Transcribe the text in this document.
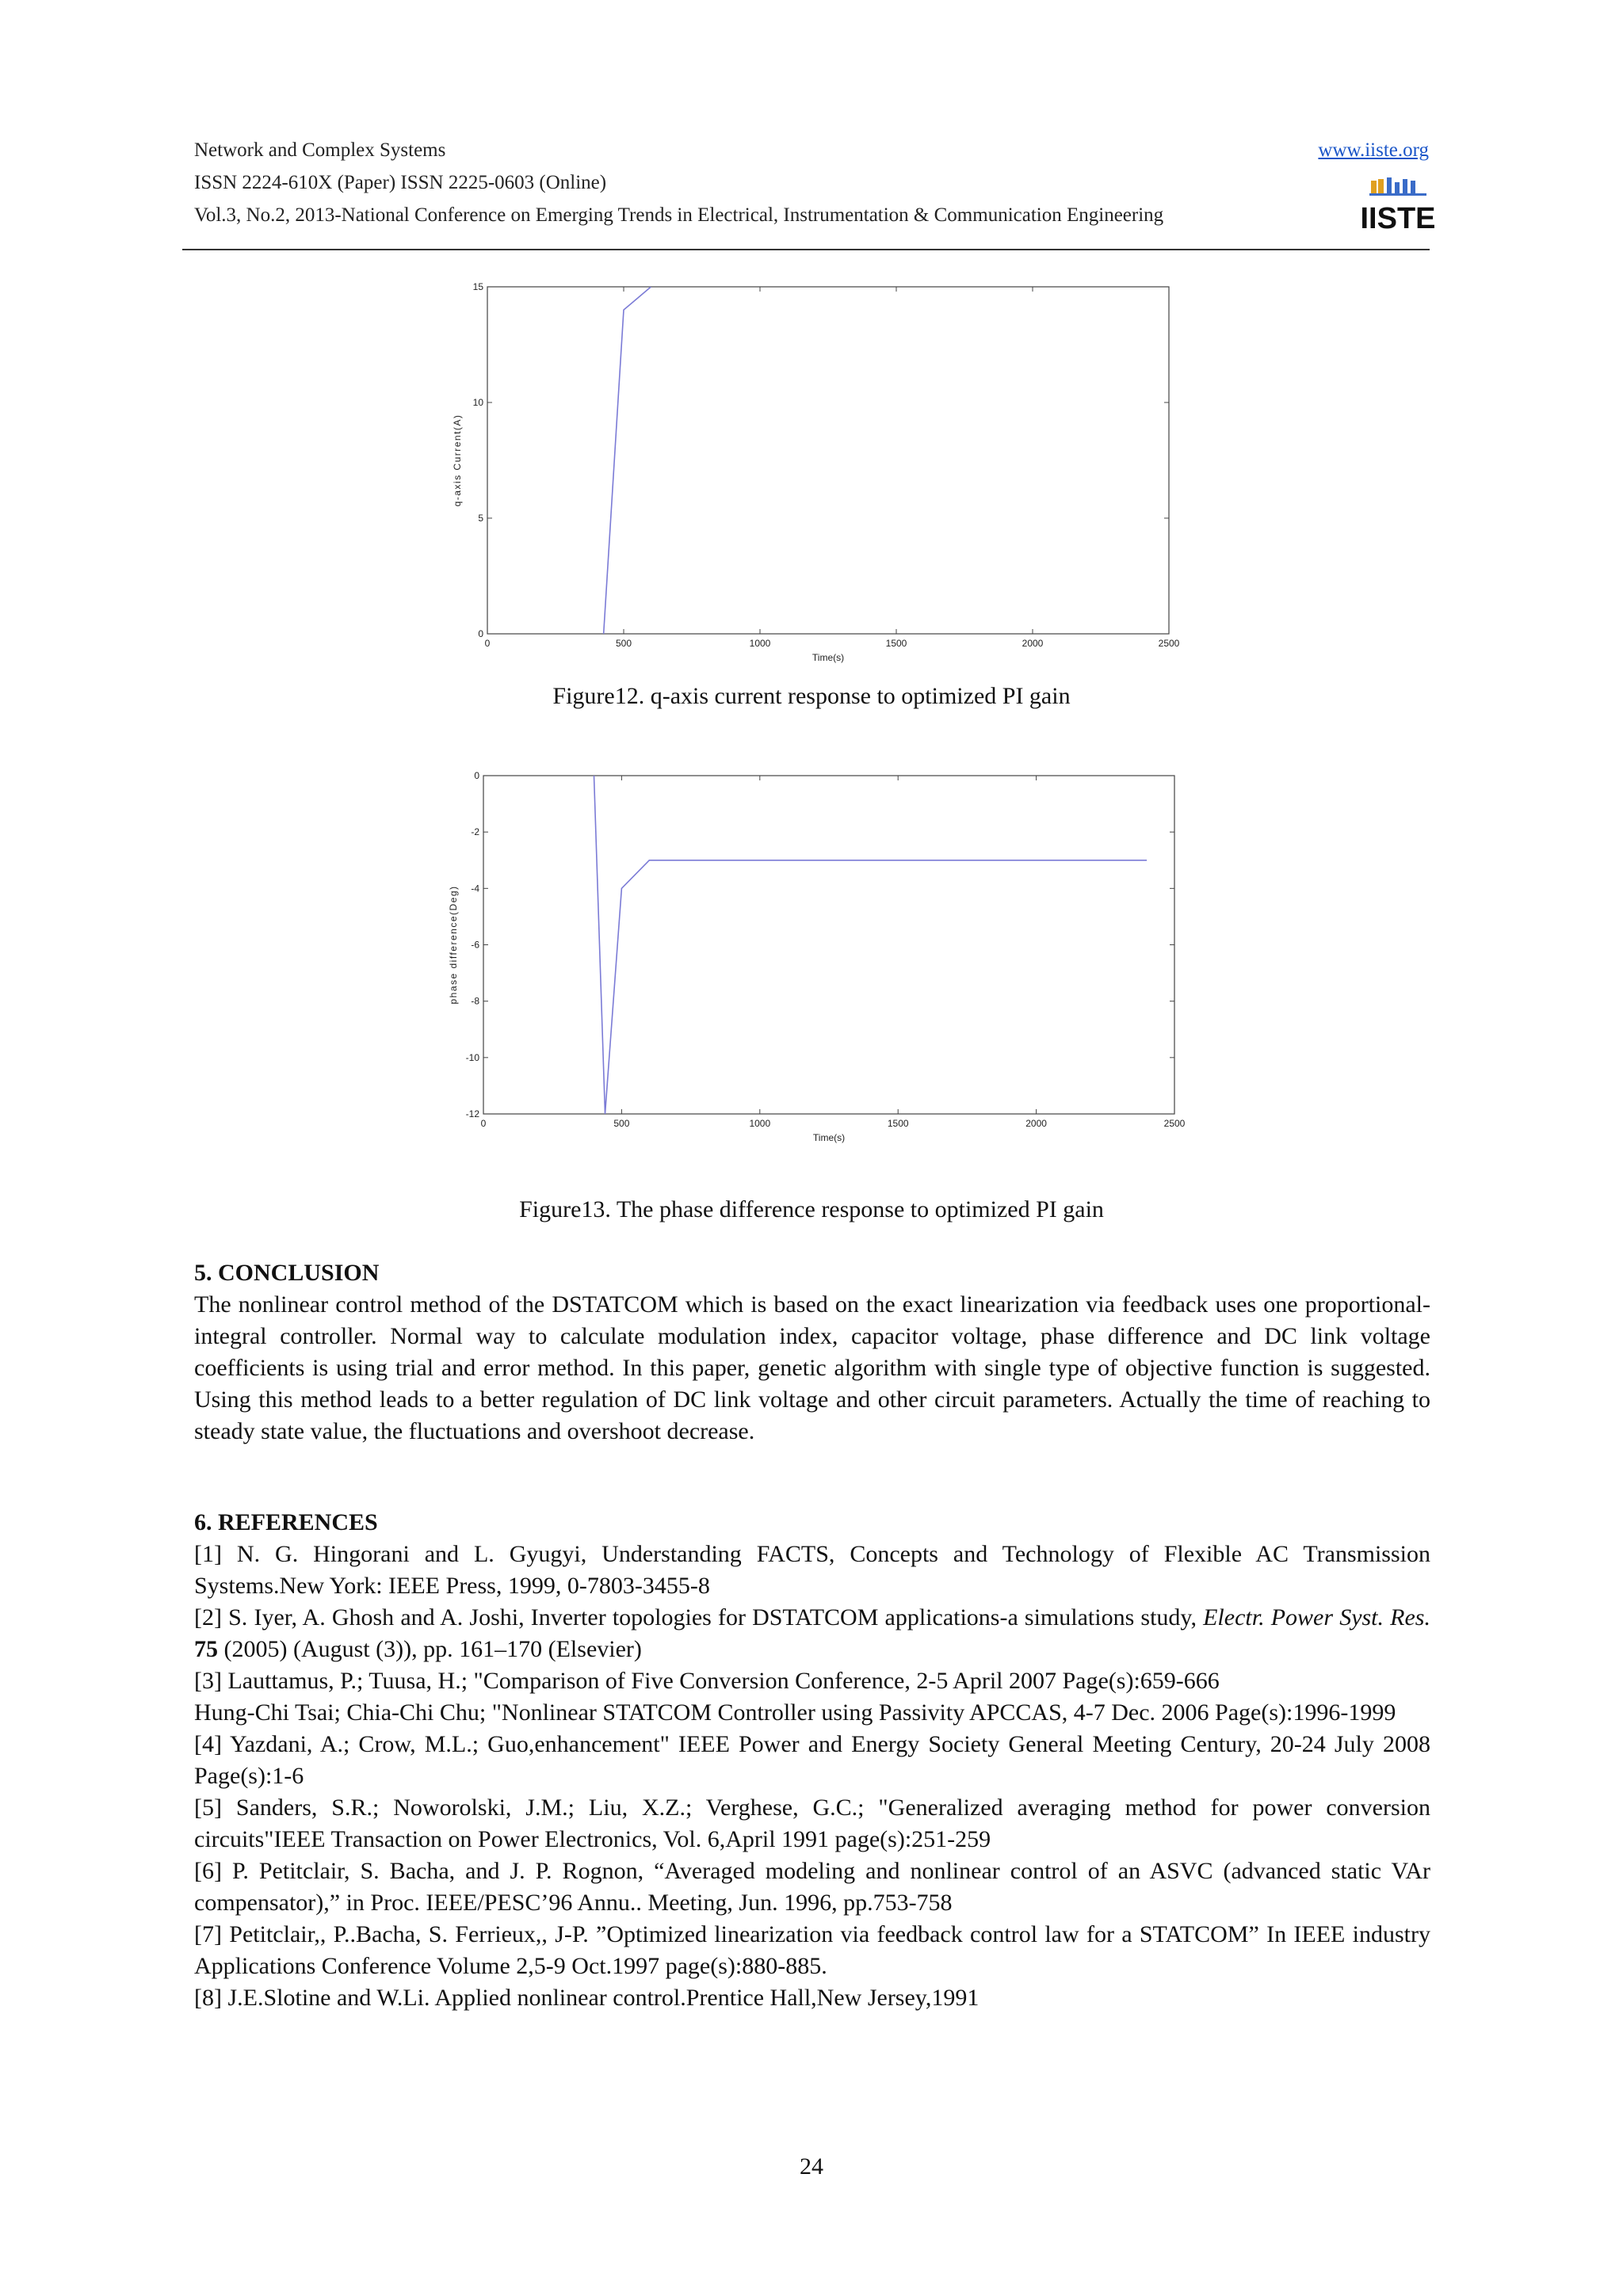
Network and Complex Systems
ISSN 2224-610X (Paper) ISSN 2225-0603 (Online)
Vol.3, No.2, 2013-National Conference on Emerging Trends in Electrical, Instrumentation & Communication Engineering
www.iiste.org
IISTE
0	500	1000	1500	2000	2500
0
5
10
15
Time(s)
q-axis Current(A)
Figure12. q-axis current response to optimized PI gain
0	500	1000	1500	2000	2500
0
-2
-4
-6
-8
-10
-12
Time(s)
phase difference(Deg)
Figure13. The phase difference response to optimized PI gain
5. CONCLUSION

The nonlinear control method of the DSTATCOM which is based on the exact linearization via feedback uses one proportional-integral controller. Normal way to calculate modulation index, capacitor voltage, phase difference and DC link voltage coefficients is using trial and error method. In this paper, genetic algorithm with single type of objective function is suggested. Using this method leads to a better regulation of DC link voltage and other circuit parameters. Actually the time of reaching to steady state value, the fluctuations and overshoot decrease.

6. REFERENCES

[1] N. G. Hingorani and L. Gyugyi, Understanding FACTS, Concepts and Technology of Flexible AC Transmission Systems.New York: IEEE Press, 1999, 0-7803-3455-8

[2] S. Iyer, A. Ghosh and A. Joshi, Inverter topologies for DSTATCOM applications-a simulations study, Electr. Power Syst. Res. 75 (2005) (August (3)), pp. 161–170 (Elsevier)

[3] Lauttamus, P.; Tuusa, H.; "Comparison of Five Conversion Conference, 2-5 April 2007 Page(s):659-666

Hung-Chi Tsai; Chia-Chi Chu; "Nonlinear STATCOM Controller using Passivity APCCAS, 4-7 Dec. 2006 Page(s):1996-1999

[4] Yazdani, A.; Crow, M.L.; Guo,enhancement" IEEE Power and Energy Society General Meeting Century, 20-24 July 2008 Page(s):1-6

[5] Sanders, S.R.; Noworolski, J.M.; Liu, X.Z.; Verghese, G.C.; "Generalized averaging method for power conversion circuits"IEEE Transaction on Power Electronics, Vol. 6,April 1991 page(s):251-259

[6] P. Petitclair, S. Bacha, and J. P. Rognon, “Averaged modeling and nonlinear control of an ASVC (advanced static VAr compensator),” in Proc. IEEE/PESC’96 Annu.. Meeting, Jun. 1996, pp.753-758

[7] Petitclair,, P..Bacha, S. Ferrieux,, J-P. ”Optimized linearization via feedback control law for a STATCOM” In IEEE industry Applications Conference Volume 2,5-9 Oct.1997 page(s):880-885.

[8] J.E.Slotine and W.Li. Applied nonlinear control.Prentice Hall,New Jersey,1991

24
